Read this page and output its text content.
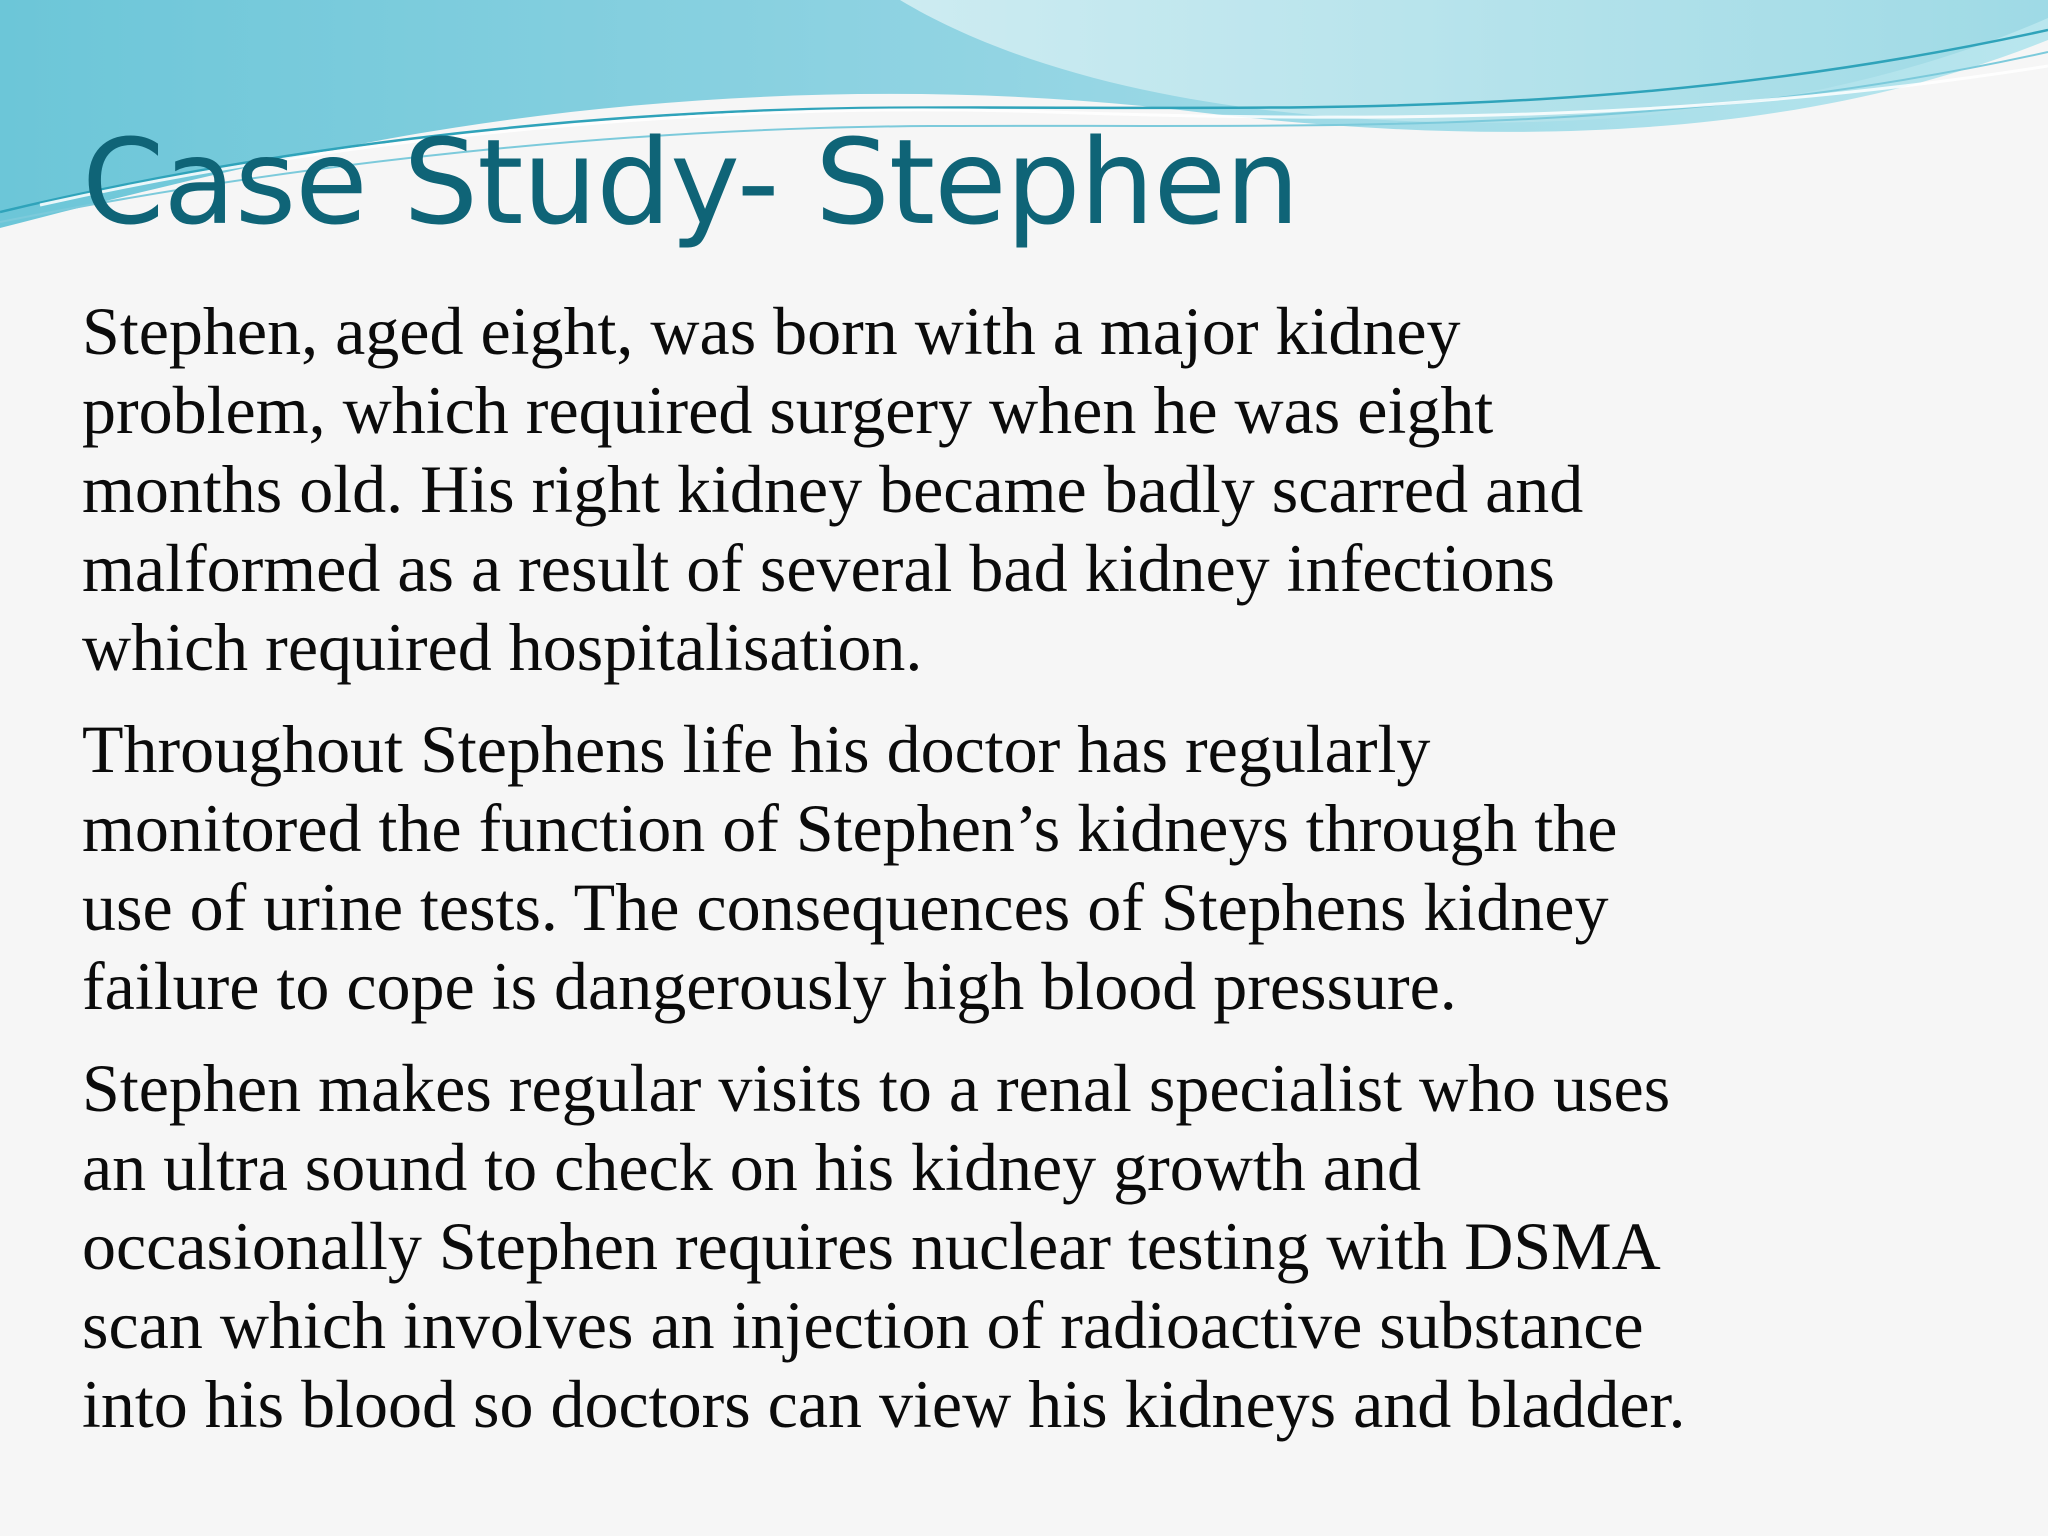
Case Study- Stephen

Stephen, aged eight, was born with a major kidney
problem, which required surgery when he was eight
months old. His right kidney became badly scarred and
malformed as a result of several bad kidney infections
which required hospitalisation.

Throughout Stephens life his doctor has regularly
monitored the function of Stephen’s kidneys through the
use of urine tests. The consequences of Stephens kidney
failure to cope is dangerously high blood pressure.

Stephen makes regular visits to a renal specialist who uses
an ultra sound to check on his kidney growth and
occasionally Stephen requires nuclear testing with DSMA
scan which involves an injection of radioactive substance
into his blood so doctors can view his kidneys and bladder.
